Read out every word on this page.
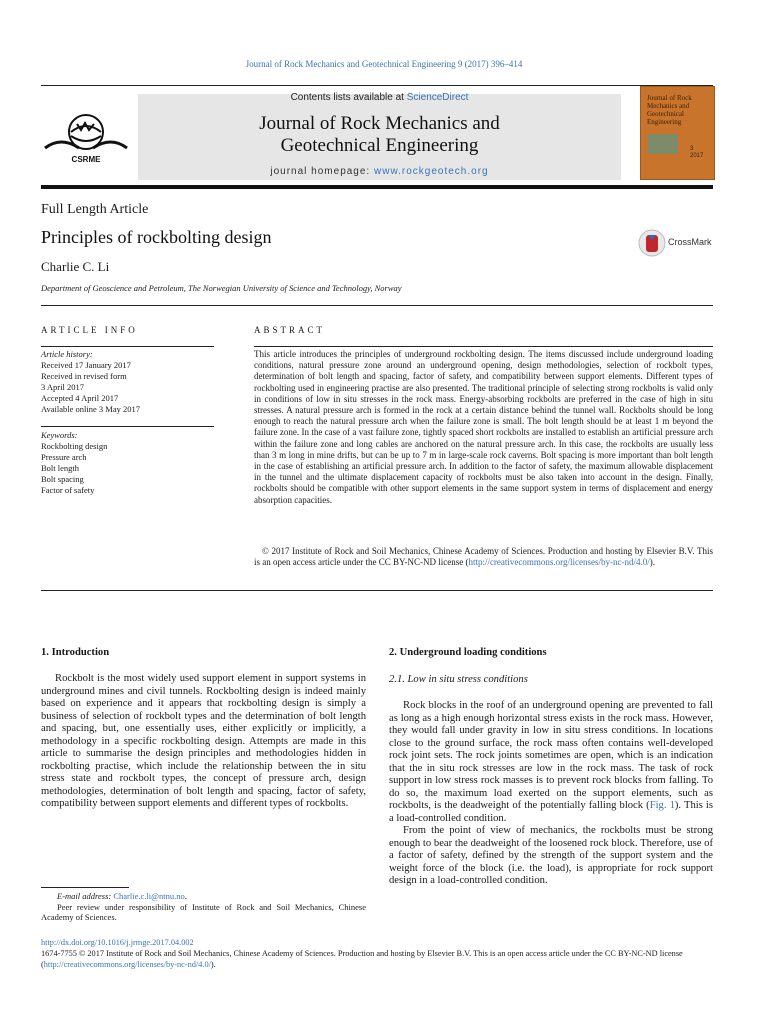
Journal of Rock Mechanics and Geotechnical Engineering 9 (2017) 396–414
CSRME
Contents lists available at ScienceDirect
Journal of Rock Mechanics and
Geotechnical Engineering
journal homepage: www.rockgeotech.org
Journal of Rock Mechanics and Geotechnical Engineering
3
2017
Full Length Article
Principles of rockbolting design
Charlie C. Li
Department of Geoscience and Petroleum, The Norwegian University of Science and Technology, Norway
CrossMark
ARTICLE INFO
Article history:
Received 17 January 2017
Received in revised form
3 April 2017
Accepted 4 April 2017
Available online 3 May 2017
Keywords:
Rockbolting design
Pressure arch
Bolt length
Bolt spacing
Factor of safety
ABSTRACT
This article introduces the principles of underground rockbolting design. The items discussed include underground loading conditions, natural pressure zone around an underground opening, design methodologies, selection of rockbolt types, determination of bolt length and spacing, factor of safety, and compatibility between support elements. Different types of rockbolting used in engineering practise are also presented. The traditional principle of selecting strong rockbolts is valid only in conditions of low in situ stresses in the rock mass. Energy-absorbing rockbolts are preferred in the case of high in situ stresses. A natural pressure arch is formed in the rock at a certain distance behind the tunnel wall. Rockbolts should be long enough to reach the natural pressure arch when the failure zone is small. The bolt length should be at least 1 m beyond the failure zone. In the case of a vast failure zone, tightly spaced short rockbolts are installed to establish an artificial pressure arch within the failure zone and long cables are anchored on the natural pressure arch. In this case, the rockbolts are usually less than 3 m long in mine drifts, but can be up to 7 m in large-scale rock caverns. Bolt spacing is more important than bolt length in the case of establishing an artificial pressure arch. In addition to the factor of safety, the maximum allowable displacement in the tunnel and the ultimate displacement capacity of rockbolts must be also taken into account in the design. Finally, rockbolts should be compatible with other support elements in the same support system in terms of displacement and energy absorption capacities.
© 2017 Institute of Rock and Soil Mechanics, Chinese Academy of Sciences. Production and hosting by Elsevier B.V. This is an open access article under the CC BY-NC-ND license (http://creativecommons.org/licenses/by-nc-nd/4.0/).
1. Introduction

Rockbolt is the most widely used support element in support systems in underground mines and civil tunnels. Rockbolting design is indeed mainly based on experience and it appears that rockbolting design is simply a business of selection of rockbolt types and the determination of bolt length and spacing, but, one essentially uses, either explicitly or implicitly, a methodology in a specific rockbolting design. Attempts are made in this article to summarise the design principles and methodologies hidden in rockbolting practise, which include the relationship between the in situ stress state and rockbolt types, the concept of pressure arch, design methodologies, determination of bolt length and spacing, factor of safety, compatibility between support elements and different types of rockbolts.

E-mail address: Charlie.c.li@ntnu.no.
Peer review under responsibility of Institute of Rock and Soil Mechanics, Chinese Academy of Sciences.
2. Underground loading conditions
2.1. Low in situ stress conditions

Rock blocks in the roof of an underground opening are prevented to fall as long as a high enough horizontal stress exists in the rock mass. However, they would fall under gravity in low in situ stress conditions. In locations close to the ground surface, the rock mass often contains well-developed rock joint sets. The rock joints sometimes are open, which is an indication that the in situ rock stresses are low in the rock mass. The task of rock support in low stress rock masses is to prevent rock blocks from falling. To do so, the maximum load exerted on the support elements, such as rockbolts, is the deadweight of the potentially falling block (Fig. 1). This is a load-controlled condition.

From the point of view of mechanics, the rockbolts must be strong enough to bear the deadweight of the loosened rock block. Therefore, use of a factor of safety, defined by the strength of the support system and the weight force of the block (i.e. the load), is appropriate for rock support design in a load-controlled condition.

http://dx.doi.org/10.1016/j.jrmge.2017.04.002
1674-7755 © 2017 Institute of Rock and Soil Mechanics, Chinese Academy of Sciences. Production and hosting by Elsevier B.V. This is an open access article under the CC BY-NC-ND license (http://creativecommons.org/licenses/by-nc-nd/4.0/).
